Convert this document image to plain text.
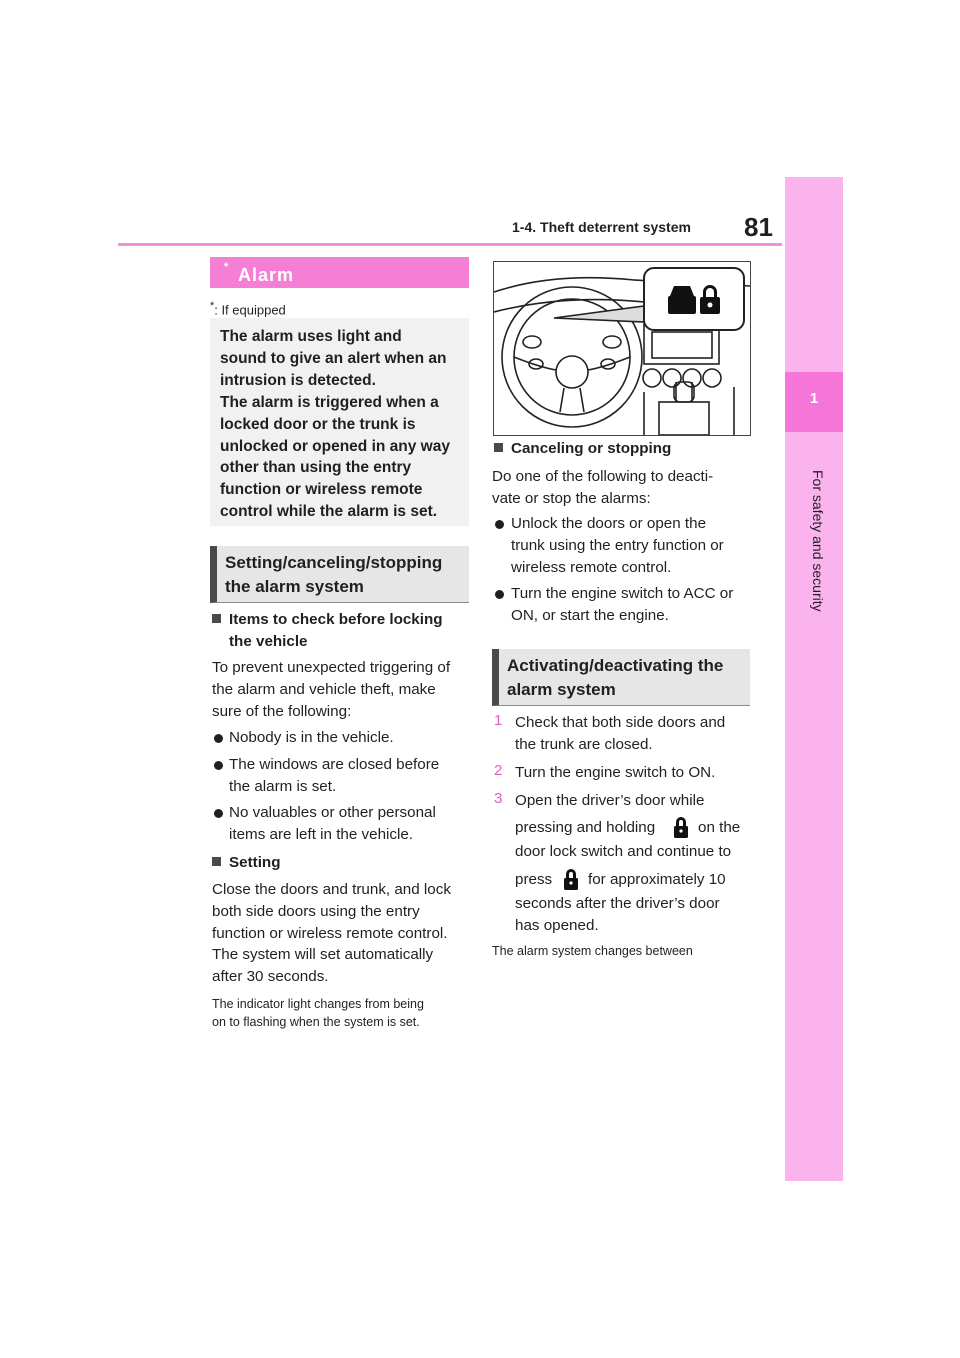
1-4. Theft deterrent system 81
1
For safety and security
Alarm
*
*: If equipped
The alarm uses light and
sound to give an alert when an
intrusion is detected.
The alarm is triggered when a
locked door or the trunk is
unlocked or opened in any way
other than using the entry
function or wireless remote
control while the alarm is set.
Setting/canceling/stopping
the alarm system
Items to check before locking
the vehicle
To prevent unexpected triggering of
the alarm and vehicle theft, make
sure of the following:
Nobody is in the vehicle.
The windows are closed before
the alarm is set.
No valuables or other personal
items are left in the vehicle.
Setting
Close the doors and trunk, and lock
both side doors using the entry
function or wireless remote control.
The system will set automatically
after 30 seconds.
The indicator light changes from being
on to flashing when the system is set.
Canceling or stopping
Do one of the following to deacti-
vate or stop the alarms:
Unlock the doors or open the
trunk using the entry function or
wireless remote control.
Turn the engine switch to ACC or
ON, or start the engine.
Activating/deactivating the
alarm system
1 Check that both side doors and
the trunk are closed.
2 Turn the engine switch to ON.
3 Open the driver’s door while
pressing and holding	on the
door lock switch and continue to
press for approximately 10
seconds after the driver’s door
has opened.
The alarm system changes between
